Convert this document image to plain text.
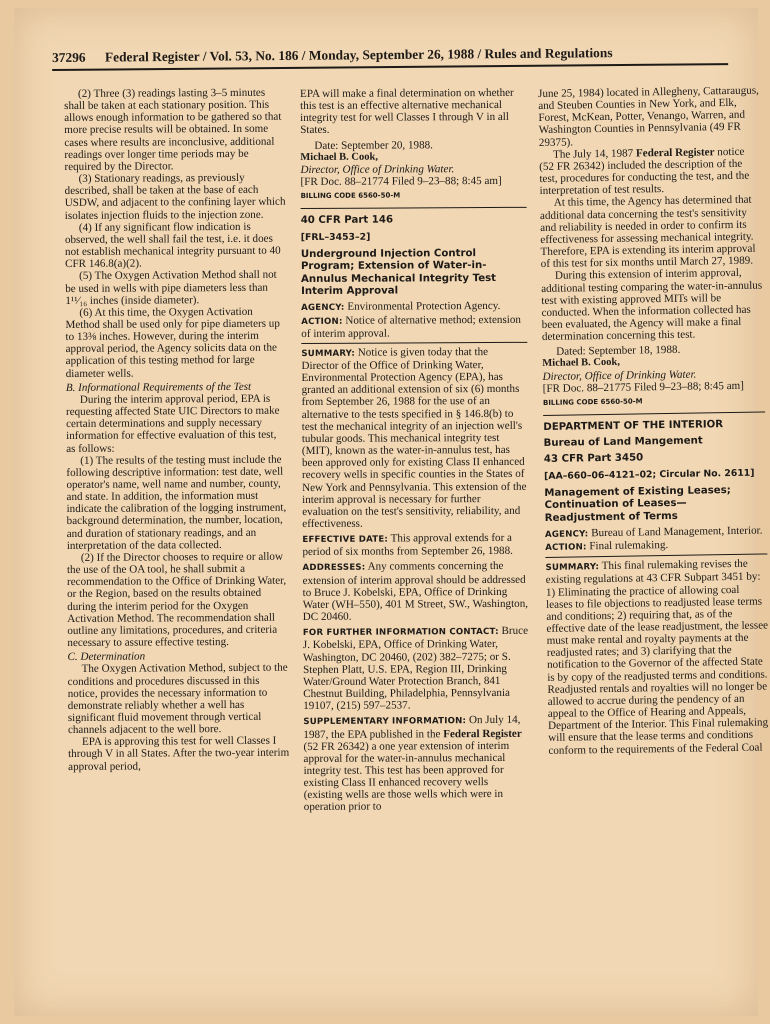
37296 Federal Register / Vol. 53, No. 186 / Monday, September 26, 1988 / Rules and Regulations

(2) Three (3) readings lasting 3–5 minutes shall be taken at each stationary position. This allows enough information to be gathered so that more precise results will be obtained. In some cases where results are inconclusive, additional readings over longer time periods may be required by the Director.

(3) Stationary readings, as previously described, shall be taken at the base of each USDW, and adjacent to the confining layer which isolates injection fluids to the injection zone.

(4) If any significant flow indication is observed, the well shall fail the test, i.e. it does not establish mechanical integrity pursuant to 40 CFR 146.8(a)(2).

(5) The Oxygen Activation Method shall not be used in wells with pipe diameters less than 1¹¹⁄₁₆ inches (inside diameter).

(6) At this time, the Oxygen Activation Method shall be used only for pipe diameters up to 13⅜ inches. However, during the interim approval period, the Agency solicits data on the application of this testing method for large diameter wells.

B. Informational Requirements of the Test

During the interim approval period, EPA is requesting affected State UIC Directors to make certain determinations and supply necessary information for effective evaluation of this test, as follows:

(1) The results of the testing must include the following descriptive information: test date, well operator's name, well name and number, county, and state. In addition, the information must indicate the calibration of the logging instrument, background determination, the number, location, and duration of stationary readings, and an interpretation of the data collected.

(2) If the Director chooses to require or allow the use of the OA tool, he shall submit a recommendation to the Office of Drinking Water, or the Region, based on the results obtained during the interim period for the Oxygen Activation Method. The recommendation shall outline any limitations, procedures, and criteria necessary to assure effective testing.

C. Determination

The Oxygen Activation Method, subject to the conditions and procedures discussed in this notice, provides the necessary information to demonstrate reliably whether a well has significant fluid movement through vertical channels adjacent to the well bore.

EPA is approving this test for well Classes I through V in all States. After the two-year interim approval period,

EPA will make a final determination on whether this test is an effective alternative mechanical integrity test for well Classes I through V in all States.

Date: September 20, 1988.

Michael B. Cook,

Director, Office of Drinking Water.

[FR Doc. 88–21774 Filed 9–23–88; 8:45 am]

BILLING CODE 6560-50-M

40 CFR Part 146

[FRL–3453–2]

Underground Injection Control Program; Extension of Water-in-Annulus Mechanical Integrity Test Interim Approval

AGENCY: Environmental Protection Agency.

ACTION: Notice of alternative method; extension of interim approval.

SUMMARY: Notice is given today that the Director of the Office of Drinking Water, Environmental Protection Agency (EPA), has granted an additional extension of six (6) months from September 26, 1988 for the use of an alternative to the tests specified in § 146.8(b) to test the mechanical integrity of an injection well's tubular goods. This mechanical integrity test (MIT), known as the water-in-annulus test, has been approved only for existing Class II enhanced recovery wells in specific counties in the States of New York and Pennsylvania. This extension of the interim approval is necessary for further evaluation on the test's sensitivity, reliability, and effectiveness.

EFFECTIVE DATE: This approval extends for a period of six months from September 26, 1988.

ADDRESSES: Any comments concerning the extension of interim approval should be addressed to Bruce J. Kobelski, EPA, Office of Drinking Water (WH–550), 401 M Street, SW., Washington, DC 20460.

FOR FURTHER INFORMATION CONTACT: Bruce J. Kobelski, EPA, Office of Drinking Water, Washington, DC 20460, (202) 382–7275; or S. Stephen Platt, U.S. EPA, Region III, Drinking Water/Ground Water Protection Branch, 841 Chestnut Building, Philadelphia, Pennsylvania 19107, (215) 597–2537.

SUPPLEMENTARY INFORMATION: On July 14, 1987, the EPA published in the Federal Register (52 FR 26342) a one year extension of interim approval for the water-in-annulus mechanical integrity test. This test has been approved for existing Class II enhanced recovery wells (existing wells are those wells which were in operation prior to

June 25, 1984) located in Allegheny, Cattaraugus, and Steuben Counties in New York, and Elk, Forest, McKean, Potter, Venango, Warren, and Washington Counties in Pennsylvania (49 FR 29375).

The July 14, 1987 Federal Register notice (52 FR 26342) included the description of the test, procedures for conducting the test, and the interpretation of test results.

At this time, the Agency has determined that additional data concerning the test's sensitivity and reliability is needed in order to confirm its effectiveness for assessing mechanical integrity. Therefore, EPA is extending its interim approval of this test for six months until March 27, 1989.

During this extension of interim approval, additional testing comparing the water-in-annulus test with existing approved MITs will be conducted. When the information collected has been evaluated, the Agency will make a final determination concerning this test.

Dated: September 18, 1988.

Michael B. Cook,

Director, Office of Drinking Water.

[FR Doc. 88–21775 Filed 9–23–88; 8:45 am]

BILLING CODE 6560-50-M

DEPARTMENT OF THE INTERIOR

Bureau of Land Mangement

43 CFR Part 3450

[AA–660–06–4121–02; Circular No. 2611]

Management of Existing Leases; Continuation of Leases—Readjustment of Terms

AGENCY: Bureau of Land Management, Interior.

ACTION: Final rulemaking.

SUMMARY: This final rulemaking revises the existing regulations at 43 CFR Subpart 3451 by: 1) Eliminating the practice of allowing coal leases to file objections to readjusted lease terms and conditions; 2) requiring that, as of the effective date of the lease readjustment, the lessee must make rental and royalty payments at the readjusted rates; and 3) clarifying that the notification to the Governor of the affected State is by copy of the readjusted terms and conditions. Readjusted rentals and royalties will no longer be allowed to accrue during the pendency of an appeal to the Office of Hearing and Appeals, Department of the Interior. This Final rulemaking will ensure that the lease terms and conditions conform to the requirements of the Federal Coal
